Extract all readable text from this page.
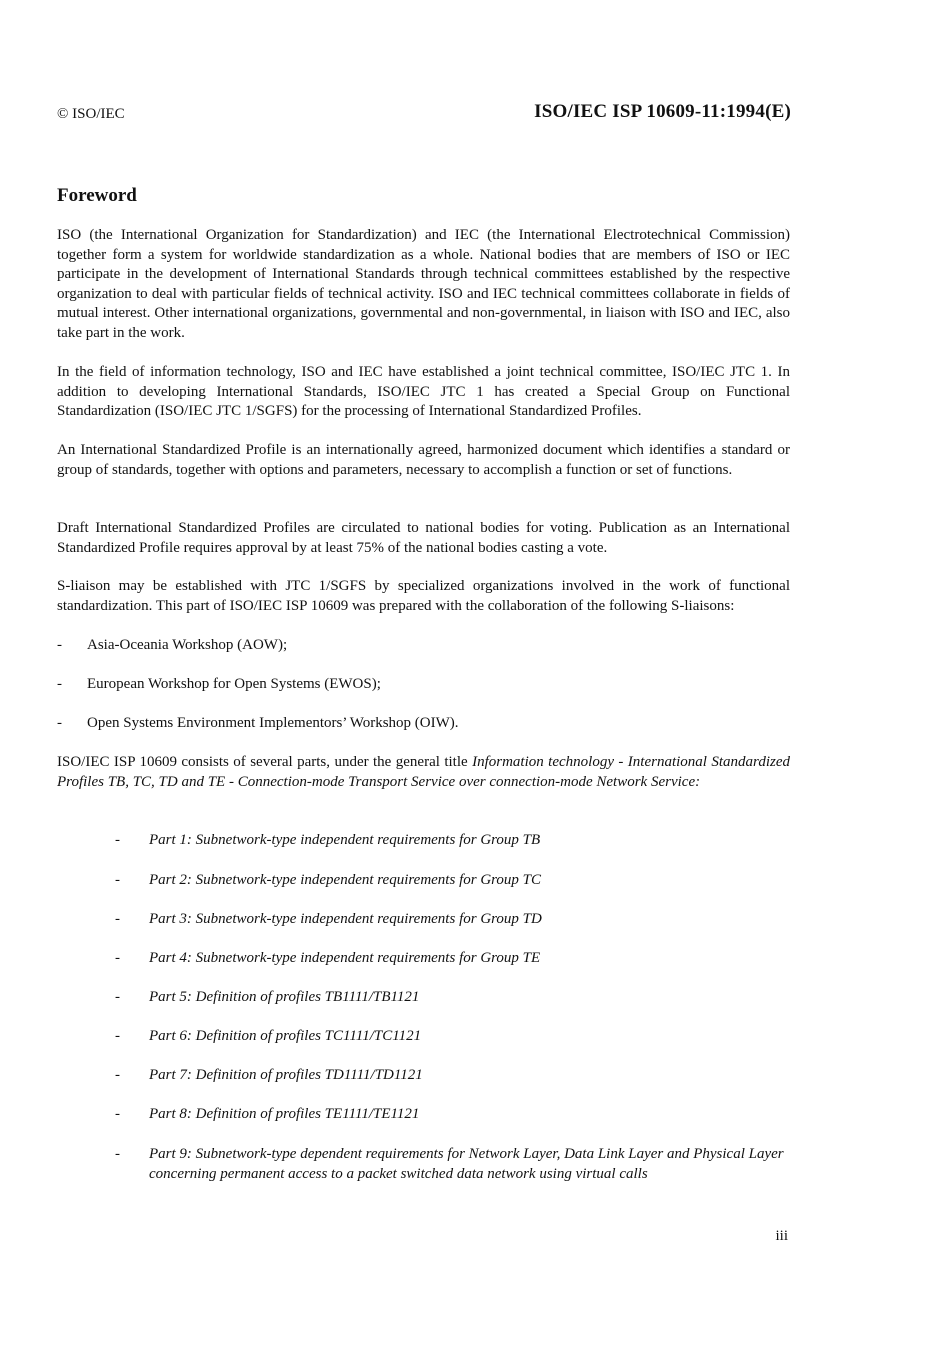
© ISO/IEC	ISO/IEC ISP 10609-11:1994(E)
Foreword

ISO (the International Organization for Standardization) and IEC (the International Electrotechnical Commission) together form a system for worldwide standardization as a whole. National bodies that are members of ISO or IEC participate in the development of International Standards through technical committees established by the respective organization to deal with particular fields of technical activity. ISO and IEC technical committees collaborate in fields of mutual interest. Other international organizations, governmental and non-governmental, in liaison with ISO and IEC, also take part in the work.

In the field of information technology, ISO and IEC have established a joint technical committee, ISO/IEC JTC 1. In addition to developing International Standards, ISO/IEC JTC 1 has created a Special Group on Functional Standardization (ISO/IEC JTC 1/SGFS) for the processing of International Standardized Profiles.

An International Standardized Profile is an internationally agreed, harmonized document which identifies a standard or group of standards, together with options and parameters, necessary to accomplish a function or set of functions.

Draft International Standardized Profiles are circulated to national bodies for voting. Publication as an International Standardized Profile requires approval by at least 75% of the national bodies casting a vote.

S-liaison may be established with JTC 1/SGFS by specialized organizations involved in the work of functional standardization. This part of ISO/IEC ISP 10609 was prepared with the collaboration of the following S-liaisons:

- Asia-Oceania Workshop (AOW);
- European Workshop for Open Systems (EWOS);
- Open Systems Environment Implementors’ Workshop (OIW).

ISO/IEC ISP 10609 consists of several parts, under the general title Information technology - International Standardized Profiles TB, TC, TD and TE - Connection-mode Transport Service over connection-mode Network Service:

- Part 1: Subnetwork-type independent requirements for Group TB
- Part 2: Subnetwork-type independent requirements for Group TC
- Part 3: Subnetwork-type independent requirements for Group TD
- Part 4: Subnetwork-type independent requirements for Group TE
- Part 5: Definition of profiles TB1111/TB1121
- Part 6: Definition of profiles TC1111/TC1121
- Part 7: Definition of profiles TD1111/TD1121
- Part 8: Definition of profiles TE1111/TE1121
- Part 9: Subnetwork-type dependent requirements for Network Layer, Data Link Layer and Physical Layer concerning permanent access to a packet switched data network using virtual calls
iii
